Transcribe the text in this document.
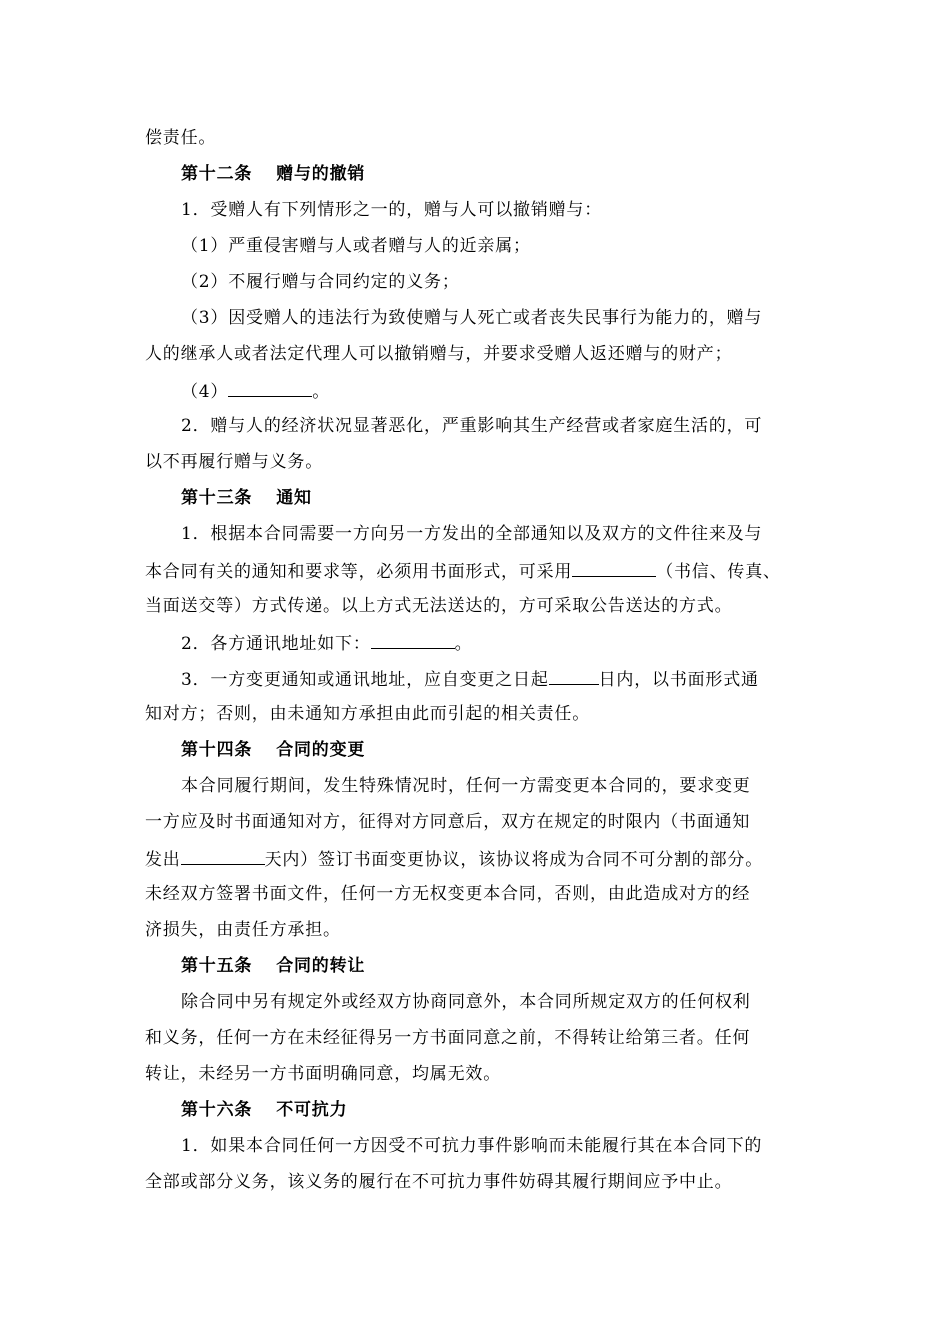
偿责任。
第十二条 赠与的撤销
1．受赠人有下列情形之一的，赠与人可以撤销赠与：
（1）严重侵害赠与人或者赠与人的近亲属；
（2）不履行赠与合同约定的义务；
（3）因受赠人的违法行为致使赠与人死亡或者丧失民事行为能力的，赠与
人的继承人或者法定代理人可以撤销赠与，并要求受赠人返还赠与的财产；
（4）	。
2．赠与人的经济状况显著恶化，严重影响其生产经营或者家庭生活的，可
以不再履行赠与义务。
第十三条 通知
1．根据本合同需要一方向另一方发出的全部通知以及双方的文件往来及与
本合同有关的通知和要求等，必须用书面形式，可采用	（书信、传真、
当面送交等）方式传递。以上方式无法送达的，方可采取公告送达的方式。
2．各方通讯地址如下：	。
3．一方变更通知或通讯地址，应自变更之日起	日内，以书面形式通
知对方；否则，由未通知方承担由此而引起的相关责任。
第十四条 合同的变更
本合同履行期间，发生特殊情况时，任何一方需变更本合同的，要求变更
一方应及时书面通知对方，征得对方同意后，双方在规定的时限内（书面通知
发出	天内）签订书面变更协议，该协议将成为合同不可分割的部分。
未经双方签署书面文件，任何一方无权变更本合同，否则，由此造成对方的经
济损失，由责任方承担。
第十五条 合同的转让
除合同中另有规定外或经双方协商同意外，本合同所规定双方的任何权利
和义务，任何一方在未经征得另一方书面同意之前，不得转让给第三者。任何
转让，未经另一方书面明确同意，均属无效。
第十六条 不可抗力
1．如果本合同任何一方因受不可抗力事件影响而未能履行其在本合同下的
全部或部分义务，该义务的履行在不可抗力事件妨碍其履行期间应予中止。
